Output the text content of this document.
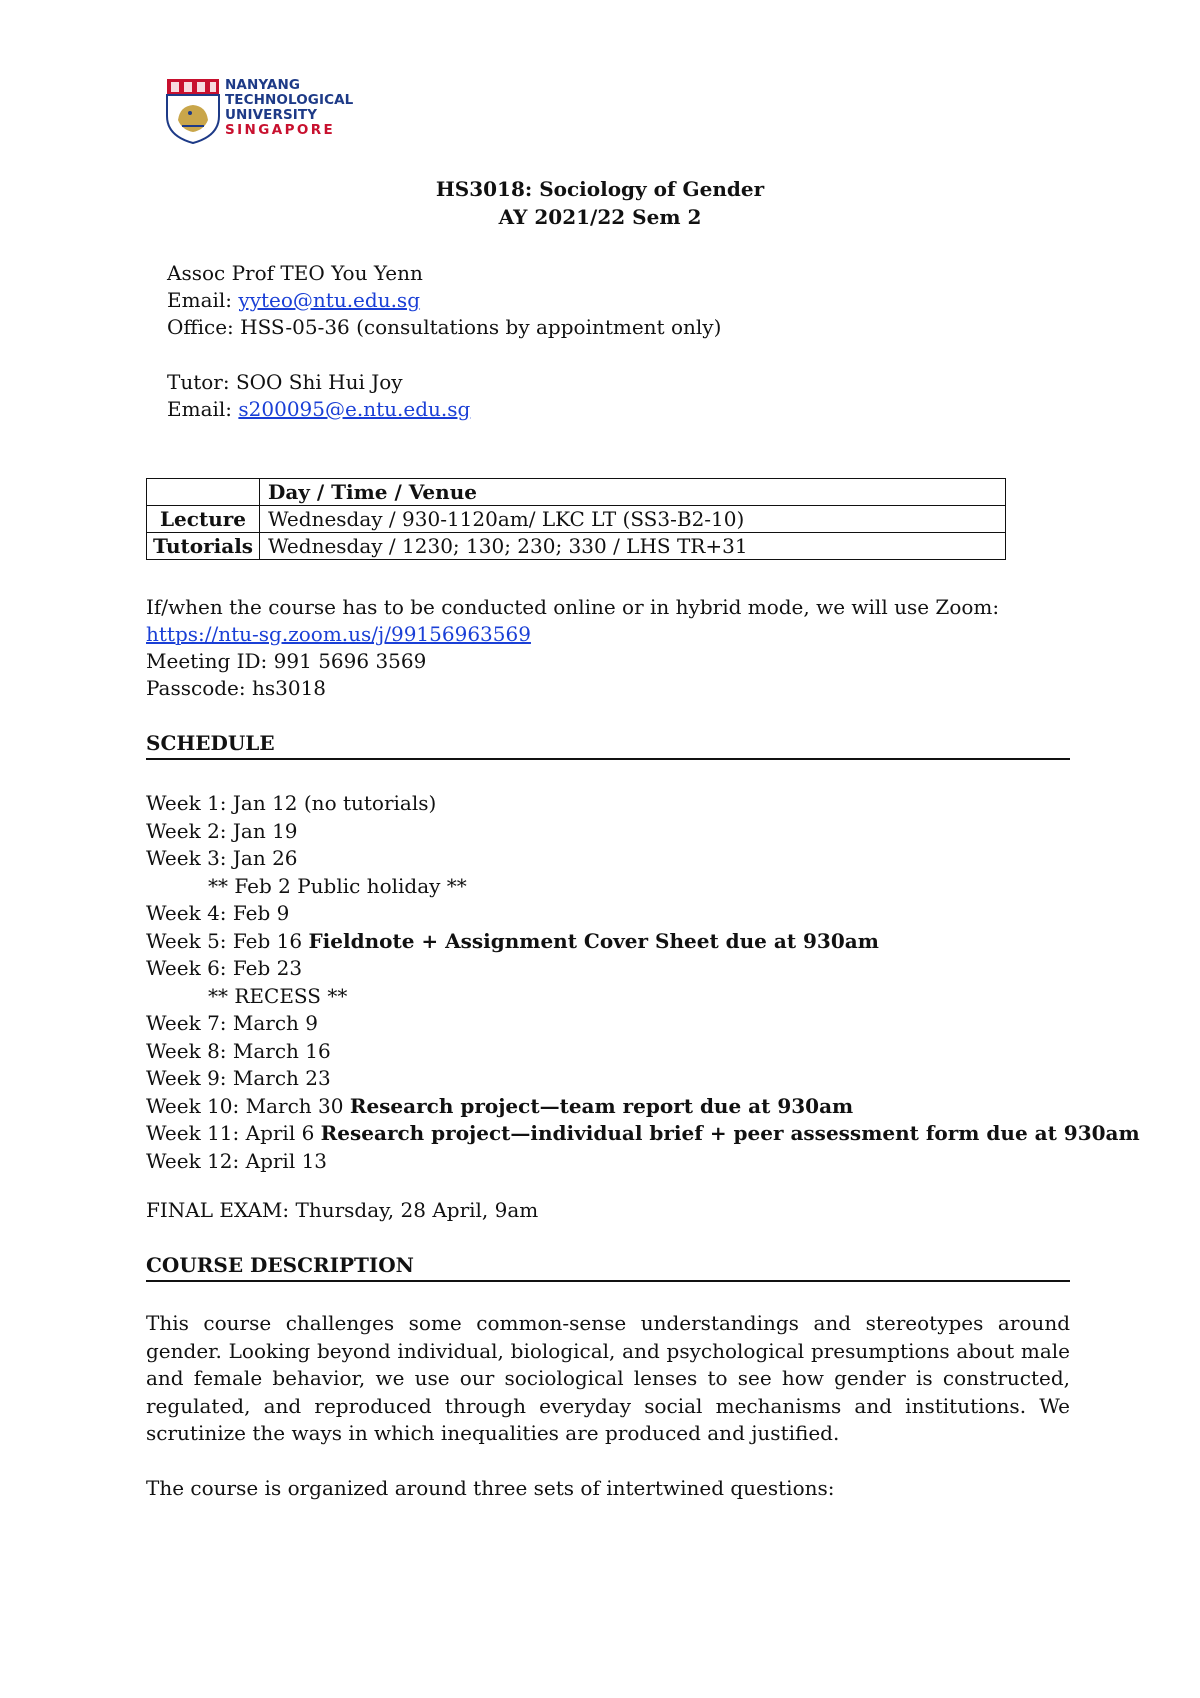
NANYANG
TECHNOLOGICAL
UNIVERSITY
SINGAPORE
HS3018: Sociology of Gender
AY 2021/22 Sem 2
Assoc Prof TEO You Yenn
Email: yyteo@ntu.edu.sg
Office: HSS-05-36 (consultations by appointment only)
Tutor: SOO Shi Hui Joy
Email: s200095@e.ntu.edu.sg
	Day / Time / Venue
Lecture	Wednesday / 930-1120am/ LKC LT (SS3-B2-10)
Tutorials	Wednesday / 1230; 130; 230; 330 / LHS TR+31
If/when the course has to be conducted online or in hybrid mode, we will use Zoom:
https://ntu-sg.zoom.us/j/99156963569
Meeting ID: 991 5696 3569
Passcode: hs3018
SCHEDULE
Week 1: Jan 12 (no tutorials)
Week 2: Jan 19
Week 3: Jan 26
** Feb 2 Public holiday **
Week 4: Feb 9
Week 5: Feb 16 Fieldnote + Assignment Cover Sheet due at 930am
Week 6: Feb 23
** RECESS **
Week 7: March 9
Week 8: March 16
Week 9: March 23
Week 10: March 30 Research project—team report due at 930am
Week 11: April 6 Research project—individual brief + peer assessment form due at 930am
Week 12: April 13
FINAL EXAM: Thursday, 28 April, 9am
COURSE DESCRIPTION
This course challenges some common-sense understandings and stereotypes around gender. Looking beyond individual, biological, and psychological presumptions about male and female behavior, we use our sociological lenses to see how gender is constructed, regulated, and reproduced through everyday social mechanisms and institutions. We scrutinize the ways in which inequalities are produced and justified.
The course is organized around three sets of intertwined questions:
